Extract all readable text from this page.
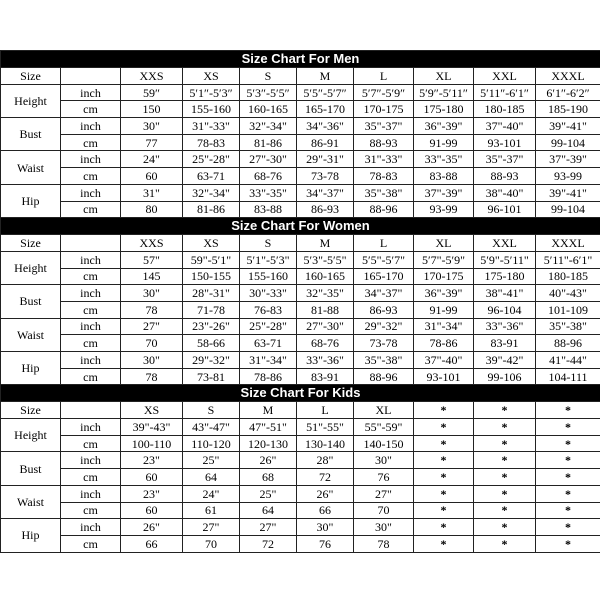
Size Chart For Men									
Size		XXS	XS	S	M	L	XL	XXL	XXXL
Height	inch	59″	5′1″-5′3″	5′3″-5′5″	5′5″-5′7″	5′7″-5′9″	5′9″-5′11″	5′11″-6′1″	6′1″-6′2″
	cm	150	155-160	160-165	165-170	170-175	175-180	180-185	185-190
Bust	inch	30"	31"-33"	32"-34"	34"-36"	35"-37"	36"-39"	37"-40"	39"-41"
	cm	77	78-83	81-86	86-91	88-93	91-99	93-101	99-104
Waist	inch	24"	25"-28"	27"-30"	29"-31"	31"-33"	33"-35"	35"-37"	37"-39"
	cm	60	63-71	68-76	73-78	78-83	83-88	88-93	93-99
Hip	inch	31"	32"-34"	33"-35"	34"-37"	35"-38"	37"-39"	38"-40"	39"-41"
	cm	80	81-86	83-88	86-93	88-96	93-99	96-101	99-104
Size Chart For Women									
Size		XXS	XS	S	M	L	XL	XXL	XXXL
Height	inch	57"	59"-5′1"	5′1"-5′3"	5′3"-5′5"	5′5"-5′7"	5′7"-5′9"	5′9"-5′11"	5′11"-6′1"
	cm	145	150-155	155-160	160-165	165-170	170-175	175-180	180-185
Bust	inch	30"	28"-31"	30"-33"	32"-35"	34"-37"	36"-39"	38"-41"	40"-43"
	cm	78	71-78	76-83	81-88	86-93	91-99	96-104	101-109
Waist	inch	27"	23"-26"	25"-28"	27"-30"	29"-32"	31"-34"	33"-36"	35"-38"
	cm	70	58-66	63-71	68-76	73-78	78-86	83-91	88-96
Hip	inch	30"	29"-32"	31"-34"	33"-36"	35"-38"	37"-40"	39"-42"	41"-44"
	cm	78	73-81	78-86	83-91	88-96	93-101	99-106	104-111
Size Chart For Kids									
Size		XS	S	M	L	XL	*	*	*
Height	inch	39"-43"	43"-47"	47"-51"	51"-55"	55"-59"	*	*	*
	cm	100-110	110-120	120-130	130-140	140-150	*	*	*
Bust	inch	23"	25"	26"	28"	30"	*	*	*
	cm	60	64	68	72	76	*	*	*
Waist	inch	23"	24"	25"	26"	27"	*	*	*
	cm	60	61	64	66	70	*	*	*
Hip	inch	26"	27"	27"	30"	30"	*	*	*
	cm	66	70	72	76	78	*	*	*
